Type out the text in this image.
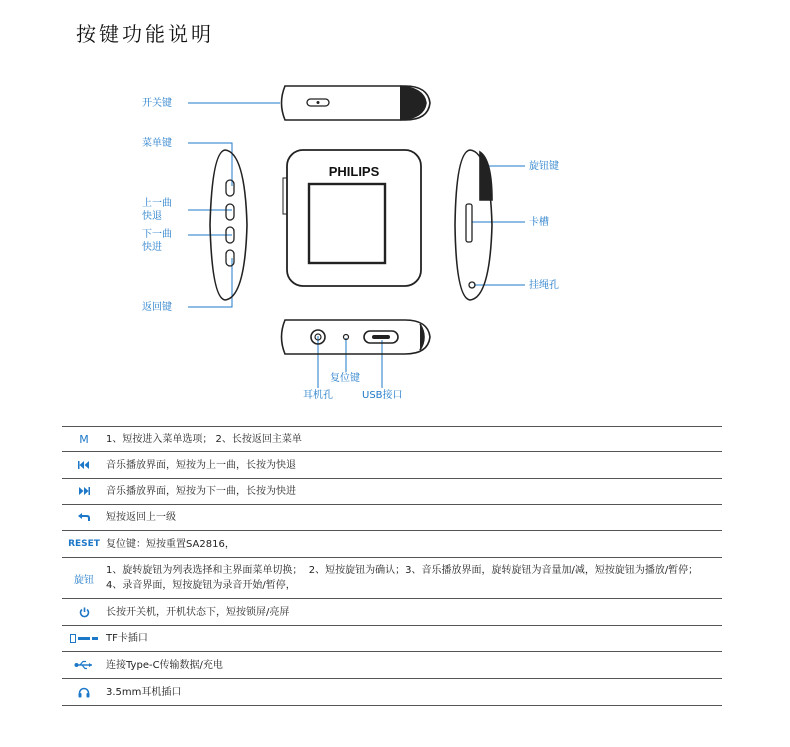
按键功能说明
PHILIPS
开关键
菜单键
上一曲
快退
下一曲
快进
返回键
旋钮键
卡槽
挂绳孔
复位键
耳机孔	USB接口
M	1、短按进入菜单选项； 2、长按返回主菜单
音乐播放界面，短按为上一曲，长按为快退
音乐播放界面，短按为下一曲，长按为快进
短按返回上一级
RESET 复位键：短按重置SA2816，
旋钮
1、旋转旋钮为列表选择和主界面菜单切换；  2、短按旋钮为确认；3、音乐播放界面，旋转旋钮为音量加/减，短按旋钮为播放/暂停；
4、录音界面，短按旋钮为录音开始/暂停，
长按开关机，开机状态下，短按锁屏/亮屏
TF卡插口
连接Type-C传输数据/充电
3.5mm耳机插口
